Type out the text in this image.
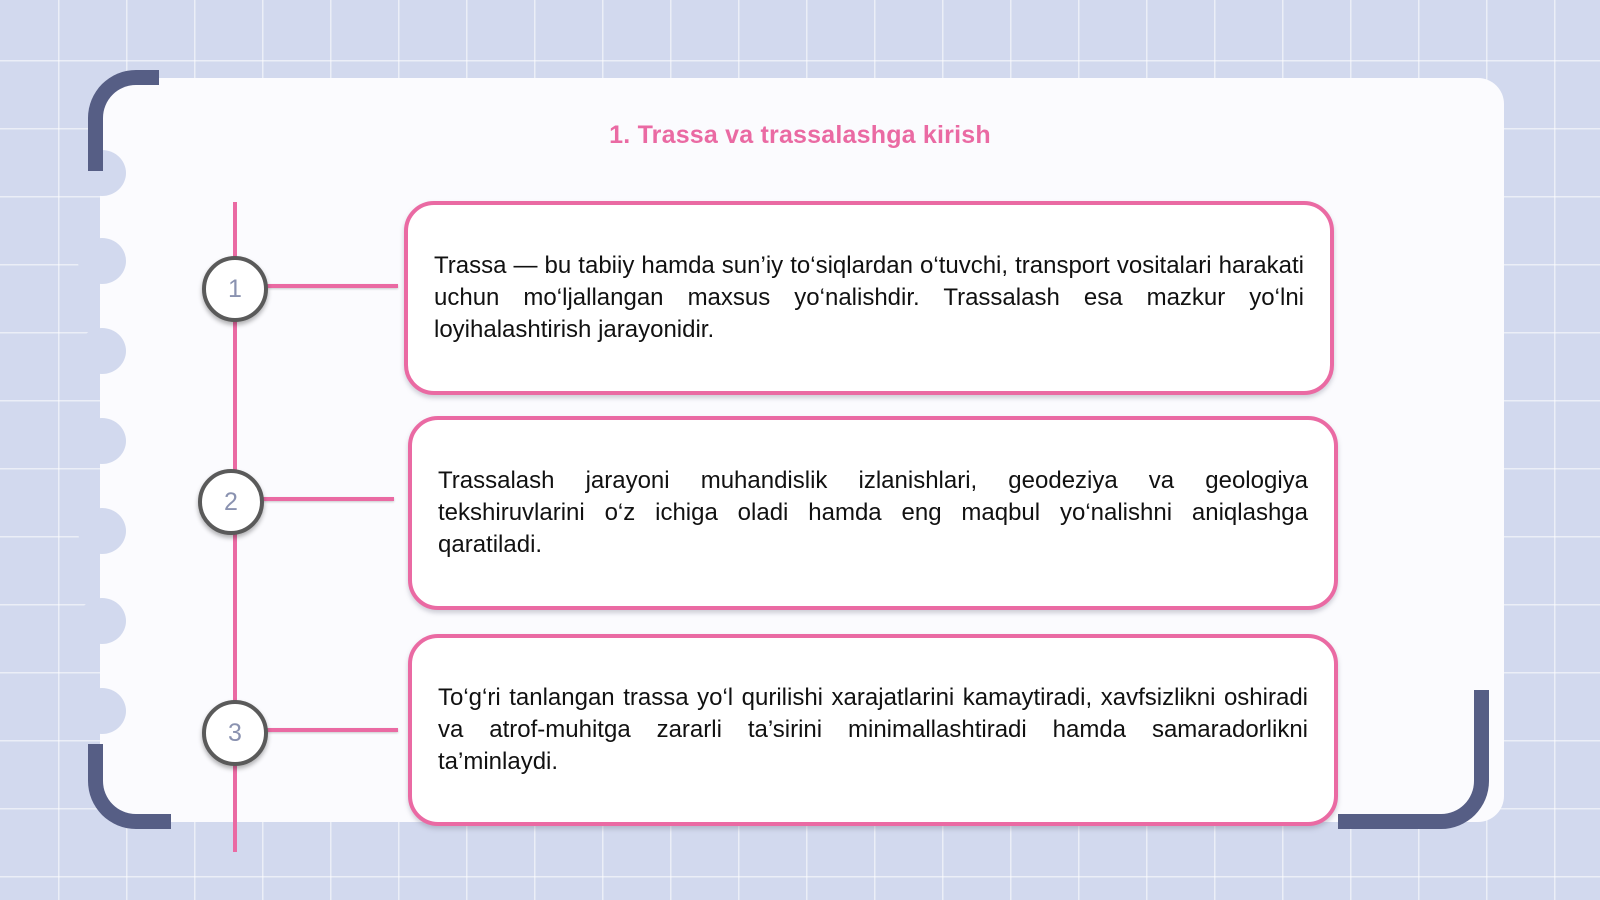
1. Trassa va trassalashga kirish
1
2
3
Trassa — bu tabiiy hamda sun’iy to‘siqlardan o‘tuvchi, transport vositalari harakati uchun mo‘ljallangan maxsus yo‘nalishdir. Trassalash esa mazkur yo‘lni loyihalashtirish jarayonidir.
Trassalash jarayoni muhandislik izlanishlari, geodeziya va geologiya tekshiruvlarini o‘z ichiga oladi hamda eng maqbul yo‘nalishni aniqlashga qaratiladi.
To‘g‘ri tanlangan trassa yo‘l qurilishi xarajatlarini kamaytiradi, xavfsizlikni oshiradi va atrof-muhitga zararli ta’sirini minimallashtiradi hamda samaradorlikni ta’minlaydi.
